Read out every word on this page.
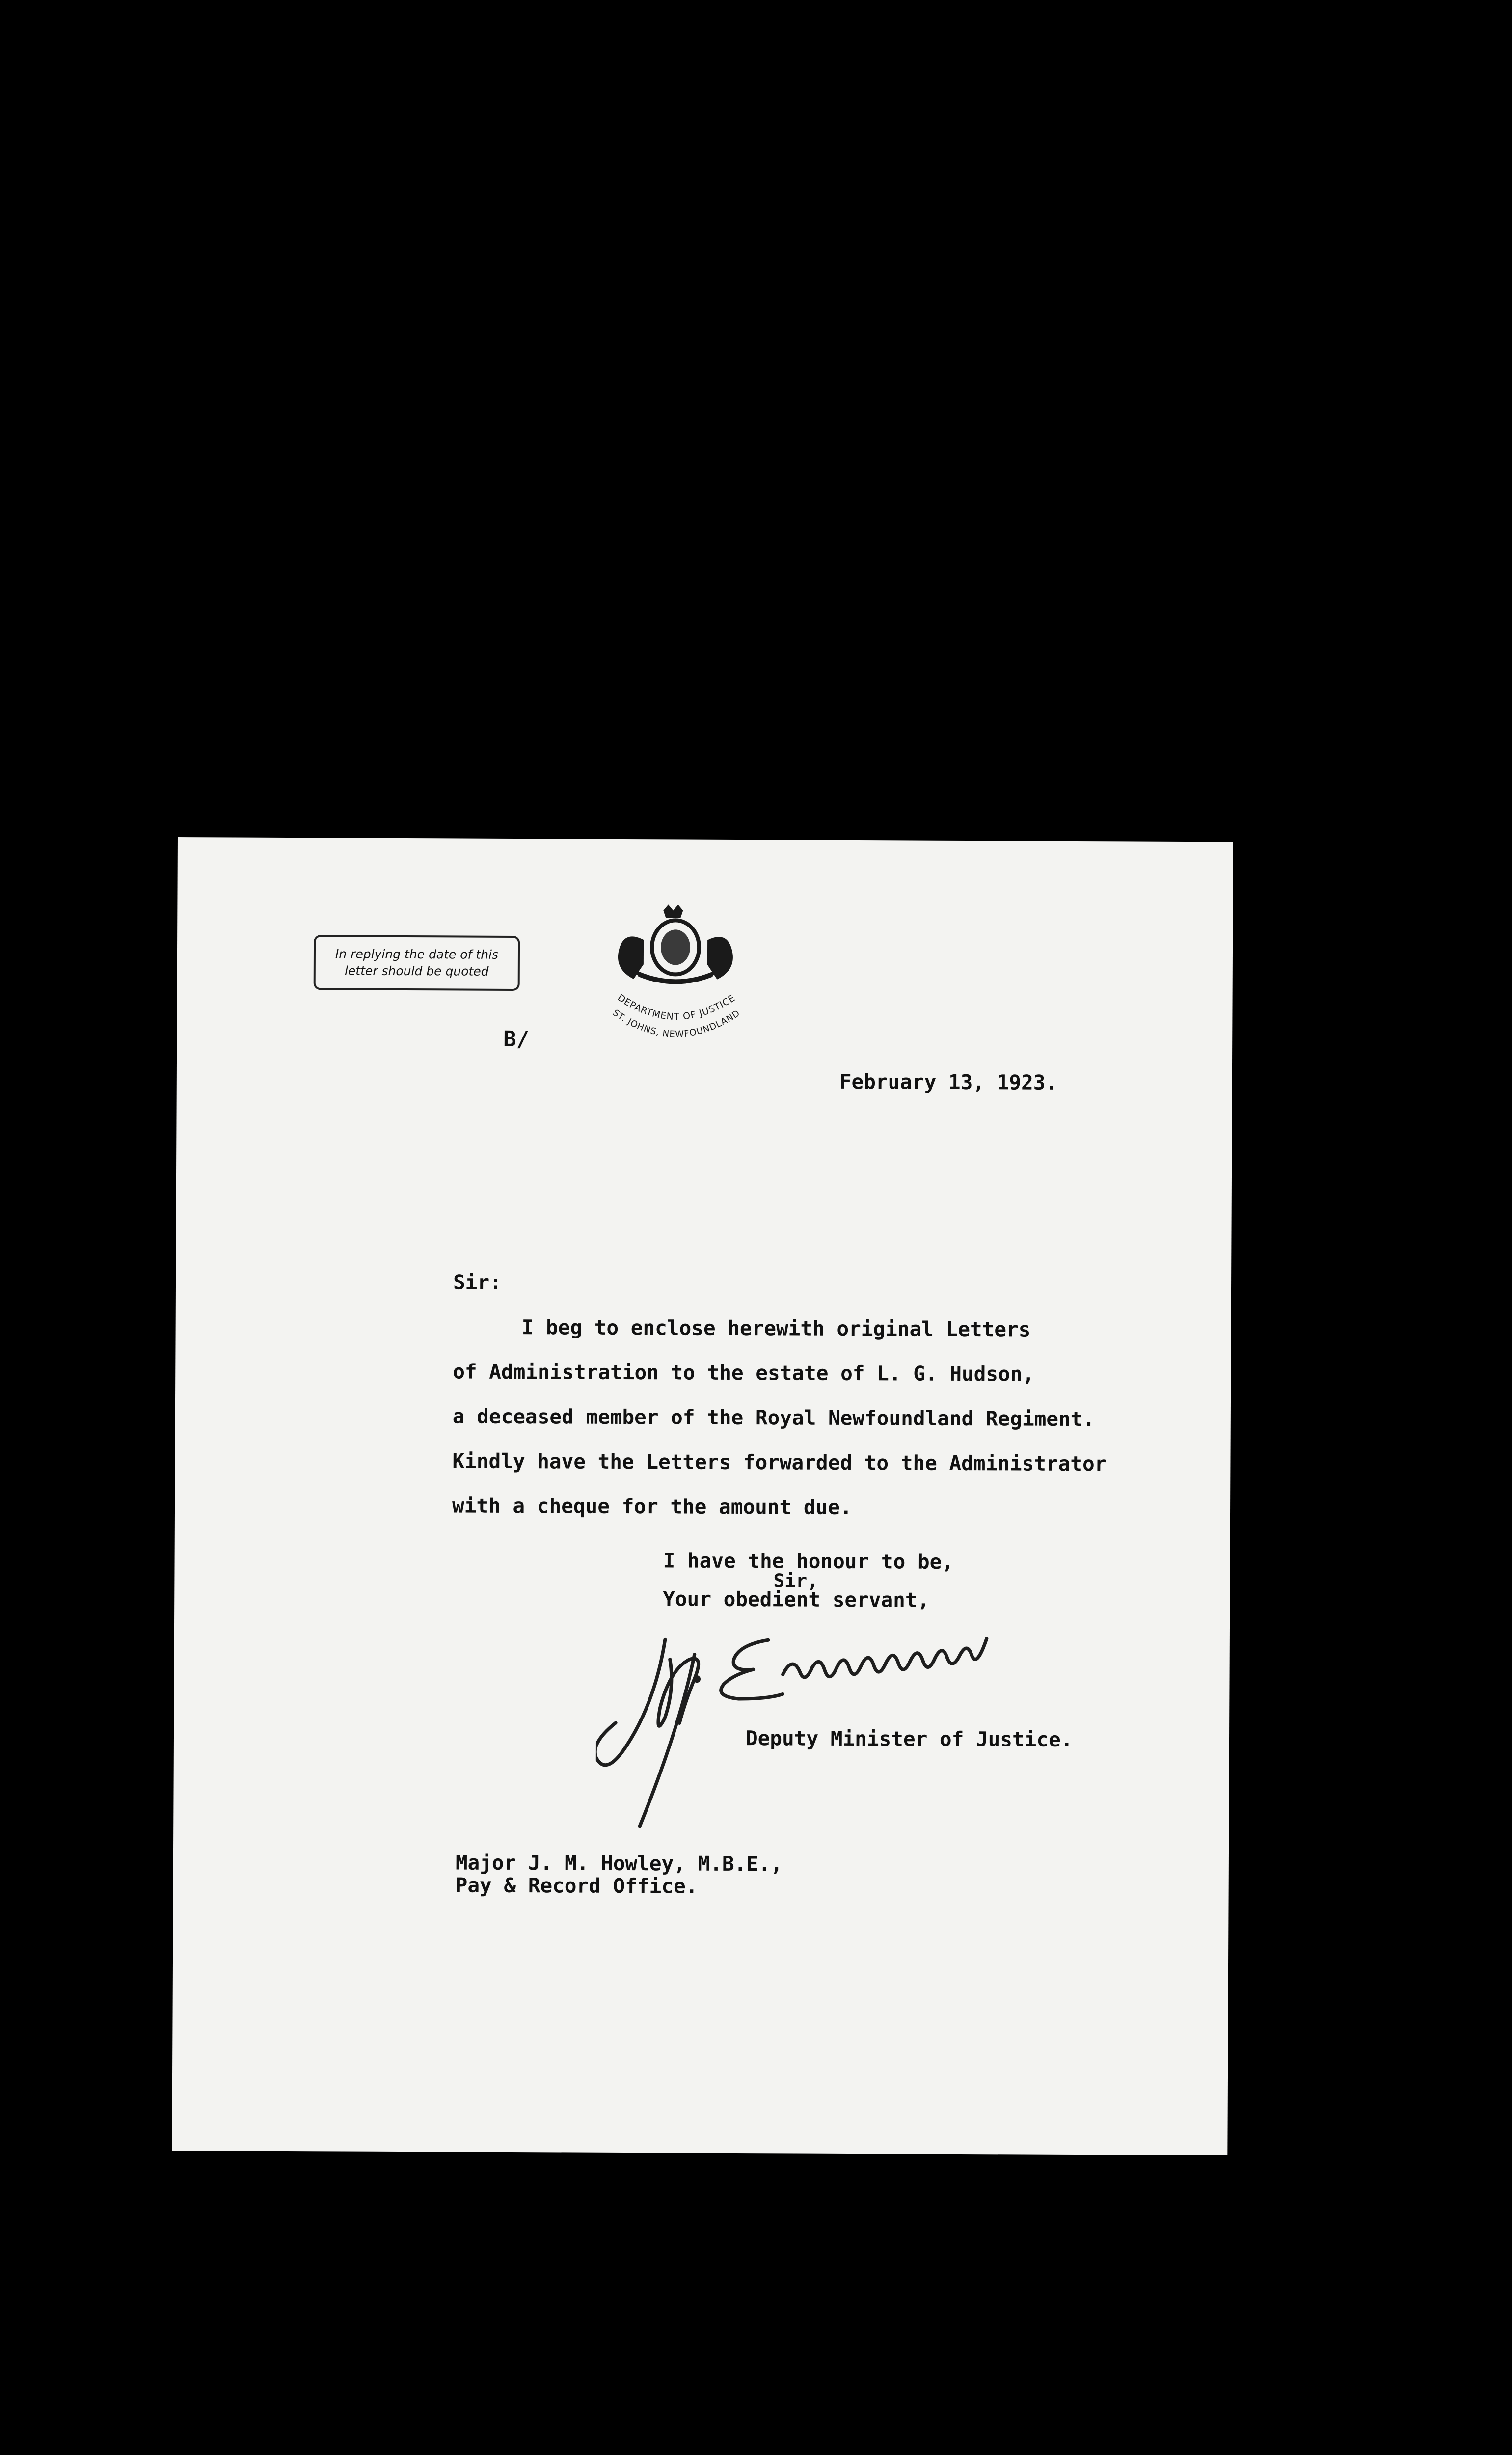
In replying the date of this
letter should be quoted
DEPARTMENT OF JUSTICE
ST. JOHNS, NEWFOUNDLAND
B/
February 13, 1923.
Sir:

I beg to enclose herewith original Letters

of Administration to the estate of L. G. Hudson,

a deceased member of the Royal Newfoundland Regiment.

Kindly have the Letters forwarded to the Administrator

with a cheque for the amount due.

I have the honour to be,
Sir,
Your obedient servant,
Deputy Minister of Justice.
Major J. M. Howley, M.B.E.,
Pay & Record Office.
